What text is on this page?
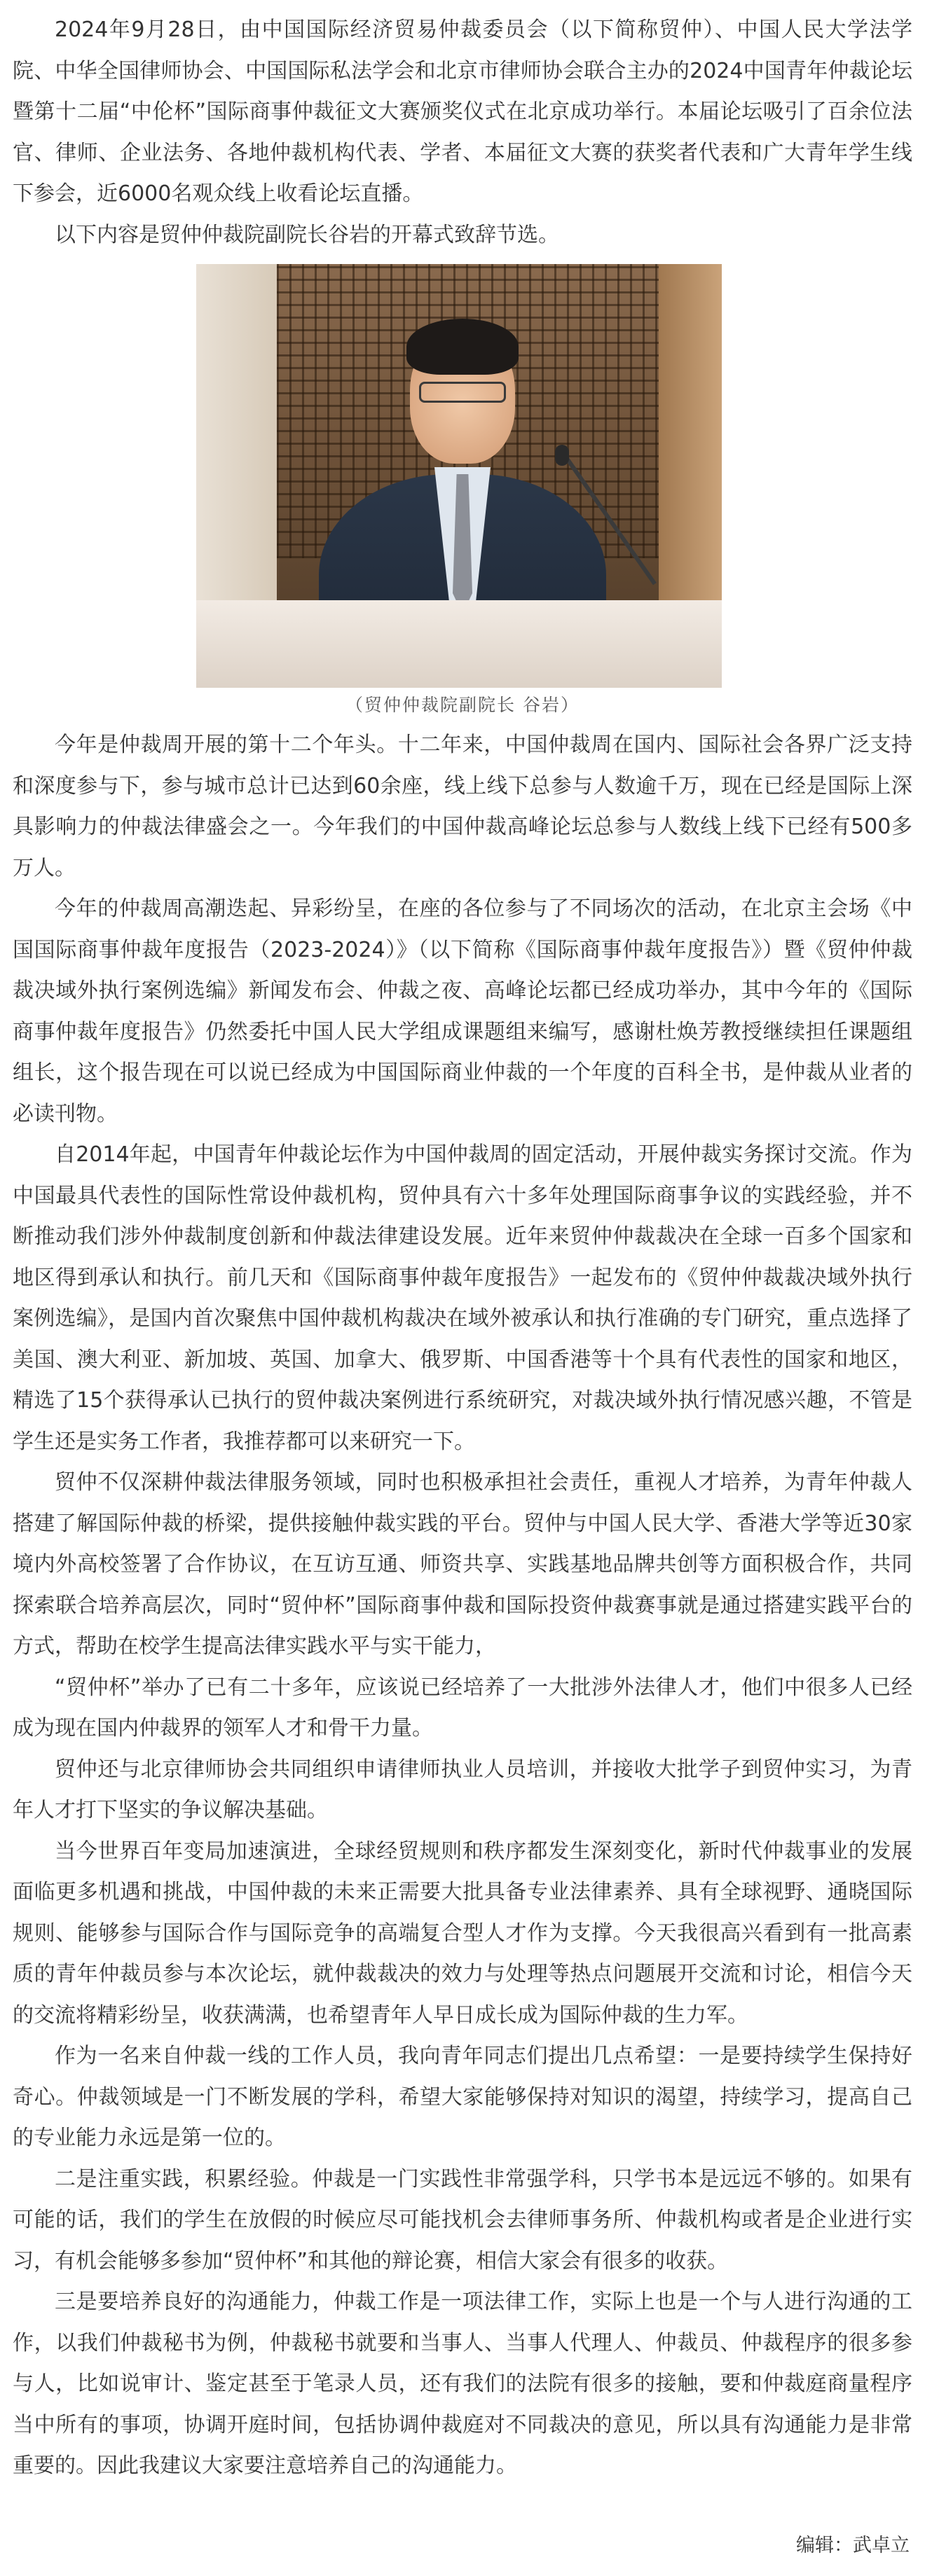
2024年9月28日，由中国国际经济贸易仲裁委员会（以下简称贸仲）、中国人民大学法学院、中华全国律师协会、中国国际私法学会和北京市律师协会联合主办的2024中国青年仲裁论坛暨第十二届“中伦杯”国际商事仲裁征文大赛颁奖仪式在北京成功举行。本届论坛吸引了百余位法官、律师、企业法务、各地仲裁机构代表、学者、本届征文大赛的获奖者代表和广大青年学生线下参会，近6000名观众线上收看论坛直播。

以下内容是贸仲仲裁院副院长谷岩的开幕式致辞节选。

（贸仲仲裁院副院长 谷岩）

今年是仲裁周开展的第十二个年头。十二年来，中国仲裁周在国内、国际社会各界广泛支持和深度参与下，参与城市总计已达到60余座，线上线下总参与人数逾千万，现在已经是国际上深具影响力的仲裁法律盛会之一。今年我们的中国仲裁高峰论坛总参与人数线上线下已经有500多万人。

今年的仲裁周高潮迭起、异彩纷呈，在座的各位参与了不同场次的活动，在北京主会场《中国国际商事仲裁年度报告（2023-2024）》（以下简称《国际商事仲裁年度报告》）暨《贸仲仲裁裁决域外执行案例选编》新闻发布会、仲裁之夜、高峰论坛都已经成功举办，其中今年的《国际商事仲裁年度报告》仍然委托中国人民大学组成课题组来编写，感谢杜焕芳教授继续担任课题组组长，这个报告现在可以说已经成为中国国际商业仲裁的一个年度的百科全书，是仲裁从业者的必读刊物。

自2014年起，中国青年仲裁论坛作为中国仲裁周的固定活动，开展仲裁实务探讨交流。作为中国最具代表性的国际性常设仲裁机构，贸仲具有六十多年处理国际商事争议的实践经验，并不断推动我们涉外仲裁制度创新和仲裁法律建设发展。近年来贸仲仲裁裁决在全球一百多个国家和地区得到承认和执行。前几天和《国际商事仲裁年度报告》一起发布的《贸仲仲裁裁决域外执行案例选编》，是国内首次聚焦中国仲裁机构裁决在域外被承认和执行准确的专门研究，重点选择了美国、澳大利亚、新加坡、英国、加拿大、俄罗斯、中国香港等十个具有代表性的国家和地区，精选了15个获得承认已执行的贸仲裁决案例进行系统研究，对裁决域外执行情况感兴趣，不管是学生还是实务工作者，我推荐都可以来研究一下。

贸仲不仅深耕仲裁法律服务领域，同时也积极承担社会责任，重视人才培养，为青年仲裁人搭建了解国际仲裁的桥梁，提供接触仲裁实践的平台。贸仲与中国人民大学、香港大学等近30家境内外高校签署了合作协议，在互访互通、师资共享、实践基地品牌共创等方面积极合作，共同探索联合培养高层次，同时“贸仲杯”国际商事仲裁和国际投资仲裁赛事就是通过搭建实践平台的方式，帮助在校学生提高法律实践水平与实干能力，

“贸仲杯”举办了已有二十多年，应该说已经培养了一大批涉外法律人才，他们中很多人已经成为现在国内仲裁界的领军人才和骨干力量。

贸仲还与北京律师协会共同组织申请律师执业人员培训，并接收大批学子到贸仲实习，为青年人才打下坚实的争议解决基础。

当今世界百年变局加速演进，全球经贸规则和秩序都发生深刻变化，新时代仲裁事业的发展面临更多机遇和挑战，中国仲裁的未来正需要大批具备专业法律素养、具有全球视野、通晓国际规则、能够参与国际合作与国际竞争的高端复合型人才作为支撑。今天我很高兴看到有一批高素质的青年仲裁员参与本次论坛，就仲裁裁决的效力与处理等热点问题展开交流和讨论，相信今天的交流将精彩纷呈，收获满满，也希望青年人早日成长成为国际仲裁的生力军。

作为一名来自仲裁一线的工作人员，我向青年同志们提出几点希望：一是要持续学生保持好奇心。仲裁领域是一门不断发展的学科，希望大家能够保持对知识的渴望，持续学习，提高自己的专业能力永远是第一位的。

二是注重实践，积累经验。仲裁是一门实践性非常强学科，只学书本是远远不够的。如果有可能的话，我们的学生在放假的时候应尽可能找机会去律师事务所、仲裁机构或者是企业进行实习，有机会能够多参加“贸仲杯”和其他的辩论赛，相信大家会有很多的收获。

三是要培养良好的沟通能力，仲裁工作是一项法律工作，实际上也是一个与人进行沟通的工作，以我们仲裁秘书为例，仲裁秘书就要和当事人、当事人代理人、仲裁员、仲裁程序的很多参与人，比如说审计、鉴定甚至于笔录人员，还有我们的法院有很多的接触，要和仲裁庭商量程序当中所有的事项，协调开庭时间，包括协调仲裁庭对不同裁决的意见，所以具有沟通能力是非常重要的。因此我建议大家要注意培养自己的沟通能力。

编辑：武卓立
